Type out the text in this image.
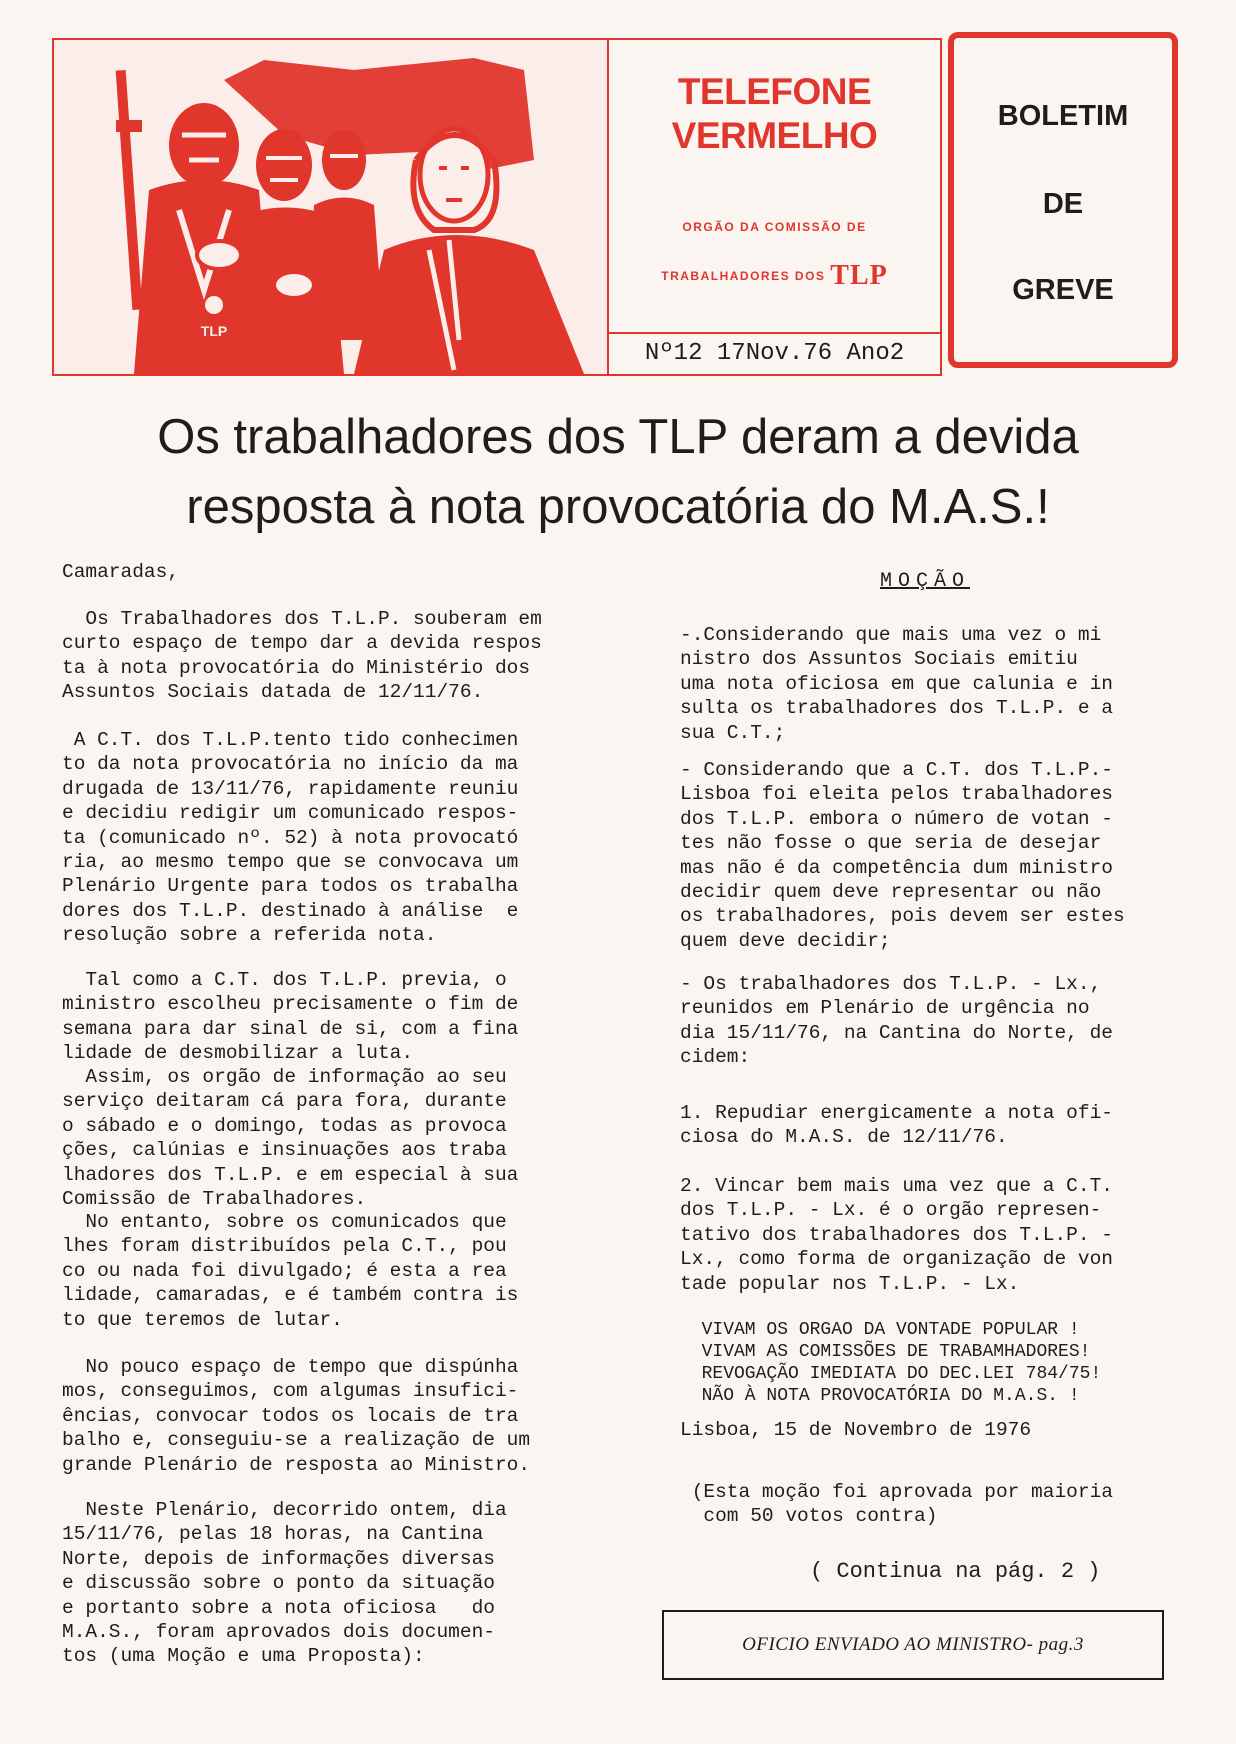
TLP
TELEFONE
VERMELHO
ORGÃO DA COMISSÃO DE
TRABALHADORES DOS TLP
Nº12 17Nov.76 Ano2
BOLETIM
DE
GREVE
Os trabalhadores dos TLP deram a devida
resposta à nota provocatória do M.A.S.!
Camaradas,
Os Trabalhadores dos T.L.P. souberam em
curto espaço de tempo dar a devida respos
ta à nota provocatória do Ministério dos
Assuntos Sociais datada de 12/11/76.
A C.T. dos T.L.P.tento tido conhecimen
to da nota provocatória no início da ma
drugada de 13/11/76, rapidamente reuniu
e decidiu redigir um comunicado respos-
ta (comunicado nº. 52) à nota provocató
ria, ao mesmo tempo que se convocava um
Plenário Urgente para todos os trabalha
dores dos T.L.P. destinado à análise  e
resolução sobre a referida nota.
Tal como a C.T. dos T.L.P. previa, o
ministro escolheu precisamente o fim de
semana para dar sinal de si, com a fina
lidade de desmobilizar a luta.
Assim, os orgão de informação ao seu
serviço deitaram cá para fora, durante
o sábado e o domingo, todas as provoca
ções, calúnias e insinuações aos traba
lhadores dos T.L.P. e em especial à sua
Comissão de Trabalhadores.
No entanto, sobre os comunicados que
lhes foram distribuídos pela C.T., pou
co ou nada foi divulgado; é esta a rea
lidade, camaradas, e é também contra is
to que teremos de lutar.
No pouco espaço de tempo que dispúnha
mos, conseguimos, com algumas insufici-
ências, convocar todos os locais de tra
balho e, conseguiu-se a realização de um
grande Plenário de resposta ao Ministro.
Neste Plenário, decorrido ontem, dia
15/11/76, pelas 18 horas, na Cantina
Norte, depois de informações diversas
e discussão sobre o ponto da situação
e portanto sobre a nota oficiosa   do
M.A.S., foram aprovados dois documen-
tos (uma Moção e uma Proposta):
MOÇÃO
-.Considerando que mais uma vez o mi
nistro dos Assuntos Sociais emitiu
uma nota oficiosa em que calunia e in
sulta os trabalhadores dos T.L.P. e a
sua C.T.;
- Considerando que a C.T. dos T.L.P.-
Lisboa foi eleita pelos trabalhadores
dos T.L.P. embora o número de votan -
tes não fosse o que seria de desejar
mas não é da competência dum ministro
decidir quem deve representar ou não
os trabalhadores, pois devem ser estes
quem deve decidir;
- Os trabalhadores dos T.L.P. - Lx.,
reunidos em Plenário de urgência no
dia 15/11/76, na Cantina do Norte, de
cidem:
1. Repudiar energicamente a nota ofi-
ciosa do M.A.S. de 12/11/76.
2. Vincar bem mais uma vez que a C.T.
dos T.L.P. - Lx. é o orgão represen-
tativo dos trabalhadores dos T.L.P. -
Lx., como forma de organização de von
tade popular nos T.L.P. - Lx.
VIVAM OS ORGAO DA VONTADE POPULAR !
VIVAM AS COMISSÕES DE TRABAMHADORES!
REVOGAÇÃO IMEDIATA DO DEC.LEI 784/75!
NÃO À NOTA PROVOCATÓRIA DO M.A.S. !
Lisboa, 15 de Novembro de 1976
(Esta moção foi aprovada por maioria
com 50 votos contra)
( Continua na pág. 2 )
OFICIO ENVIADO AO MINISTRO- pag.3
